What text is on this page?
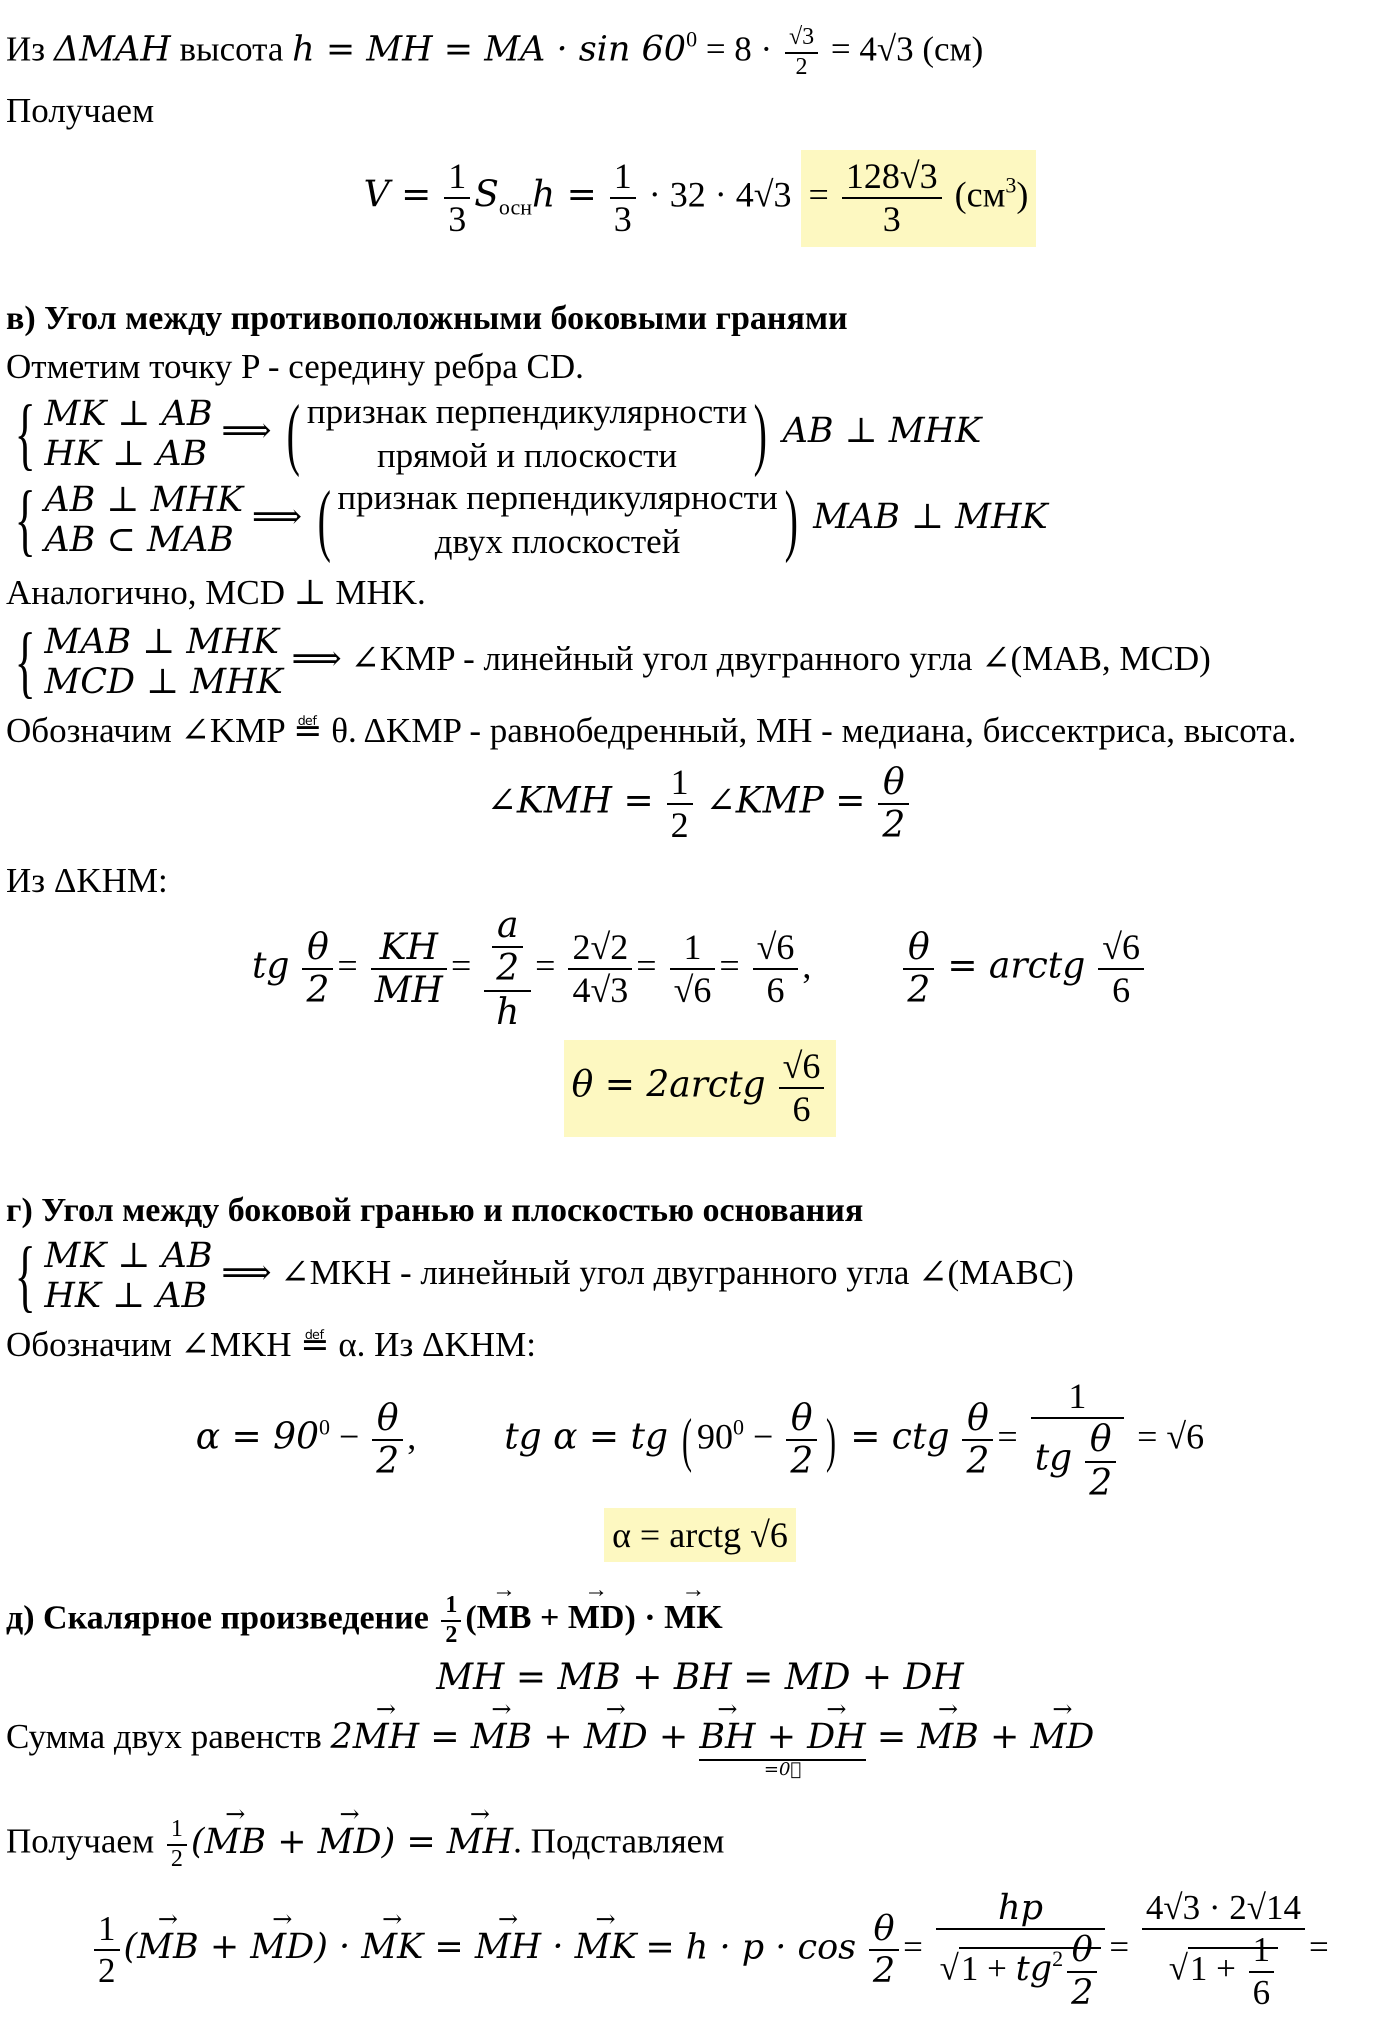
Из ΔMAH высота h = MH = MA · $\sin 60^0 = 8 \cdot \frac{√3}{2} = 4√3$ (см)
Получаем
$V = \frac{1}{3} S_{осн}h = \frac{1}{3} \cdot 32 \cdot 4√3 = \frac{128√3}{3} (см^3)$
в) Угол между противоположными боковыми гранями
Отметим точку P - середину ребра CD.
{ MK ⊥ AB
HK ⊥ AB ⟹ ( признак перпендикулярности
прямой и плоскости ) AB ⊥ MHK
{ AB ⊥ MHK
AB ⊂ MAB ⟹ ( признак перпендикулярности
двух плоскостей ) MAB ⊥ MHK
Аналогично, MCD ⊥ MHK.
{ MAB ⊥ MHK
MCD ⊥ MHK ⟹ ∠KMP - линейный угол двугранного угла ∠(MAB, MCD)
Обозначим ∠KMP ≝ θ. ΔKMP - равнобедренный, MH - медиана, биссектриса, высота.
∠KMH = $\frac{1}{2}$ ∠KMP = $\frac{\theta}{2}$
Из ΔKHM:
tg $\frac{\theta}{2} = \frac{KH}{MH} = \frac{\frac{a}{2}}{h} = \frac{2√2}{4√3} = \frac{1}{√6} = \frac{√6}{6}$ , $\frac{\theta}{2}$ = arctg $\frac{√6}{6}$
θ = 2arctg $\frac{√6}{6}$
г) Угол между боковой гранью и плоскостью основания
{ MK ⊥ AB
HK ⊥ AB ⟹ ∠MKH - линейный угол двугранного угла ∠(MABC)
Обозначим ∠MKH ≝ α. Из ΔKHM:
$\alpha = 90^0 - \frac{\theta}{2}$ ,  tg α = tg ( $90^0 - \frac{\theta}{2}$ ) = ctg $\frac{\theta}{2} = \frac{1}{tg \frac{\theta}{2}} = √6$
α = arctg √6
д) Скалярное произведение $\frac{1}{2}$ (→ MB + → MD) · → MK
MH = MB + BH = MD + DH
Сумма двух равенств 2→ MH = → MB + → MD + → BH + → DH
=0⃗
= → MB + → MD
Получаем $\frac{1}{2}$ (→ MB + → MD) = → MH. Подставляем
$\frac{1}{2}$ (→ MB + → MD) · → MK = → MH · → MK = $h \cdot p \cdot \cos \frac{\theta}{2} = \frac{hp}{√1 + tg^2 \frac{\theta}{2}} = \frac{4√3 \cdot 2√14}{√1 + \frac{1}{6}}$ =
